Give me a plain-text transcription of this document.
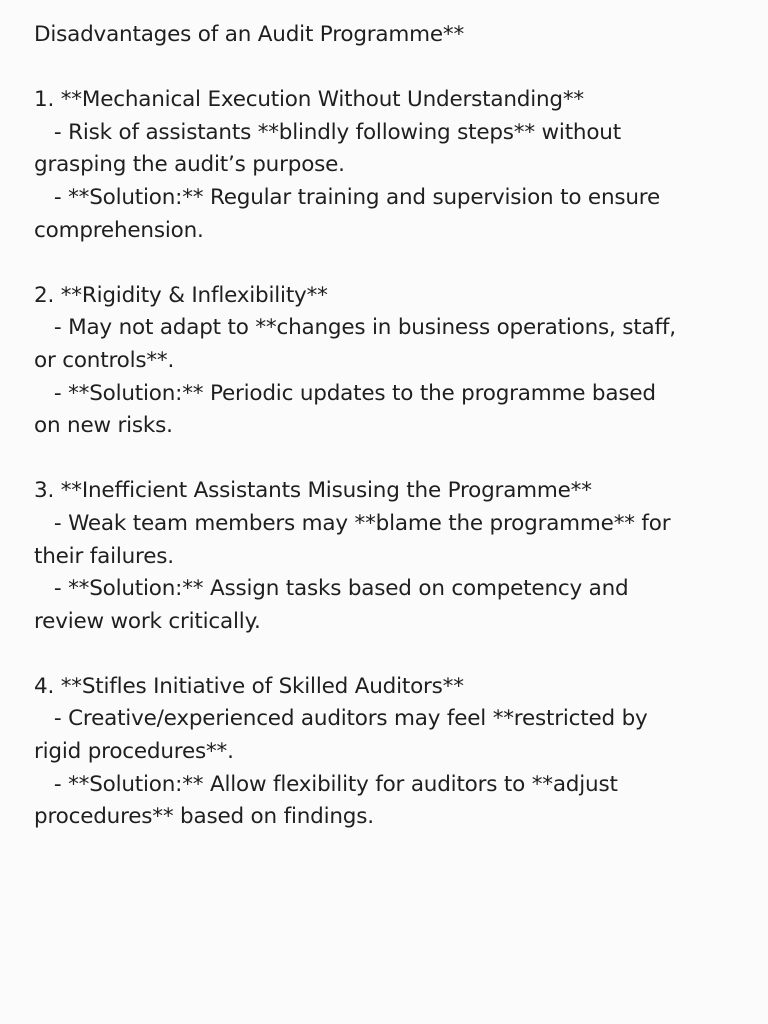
Disadvantages of an Audit Programme**
1. **Mechanical Execution Without Understanding**
- Risk of assistants **blindly following steps** without
grasping the audit’s purpose.
- **Solution:** Regular training and supervision to ensure
comprehension.
2. **Rigidity & Inflexibility**
- May not adapt to **changes in business operations, staff,
or controls**.
- **Solution:** Periodic updates to the programme based
on new risks.
3. **Inefficient Assistants Misusing the Programme**
- Weak team members may **blame the programme** for
their failures.
- **Solution:** Assign tasks based on competency and
review work critically.
4. **Stifles Initiative of Skilled Auditors**
- Creative/experienced auditors may feel **restricted by
rigid procedures**.
- **Solution:** Allow flexibility for auditors to **adjust
procedures** based on findings.
